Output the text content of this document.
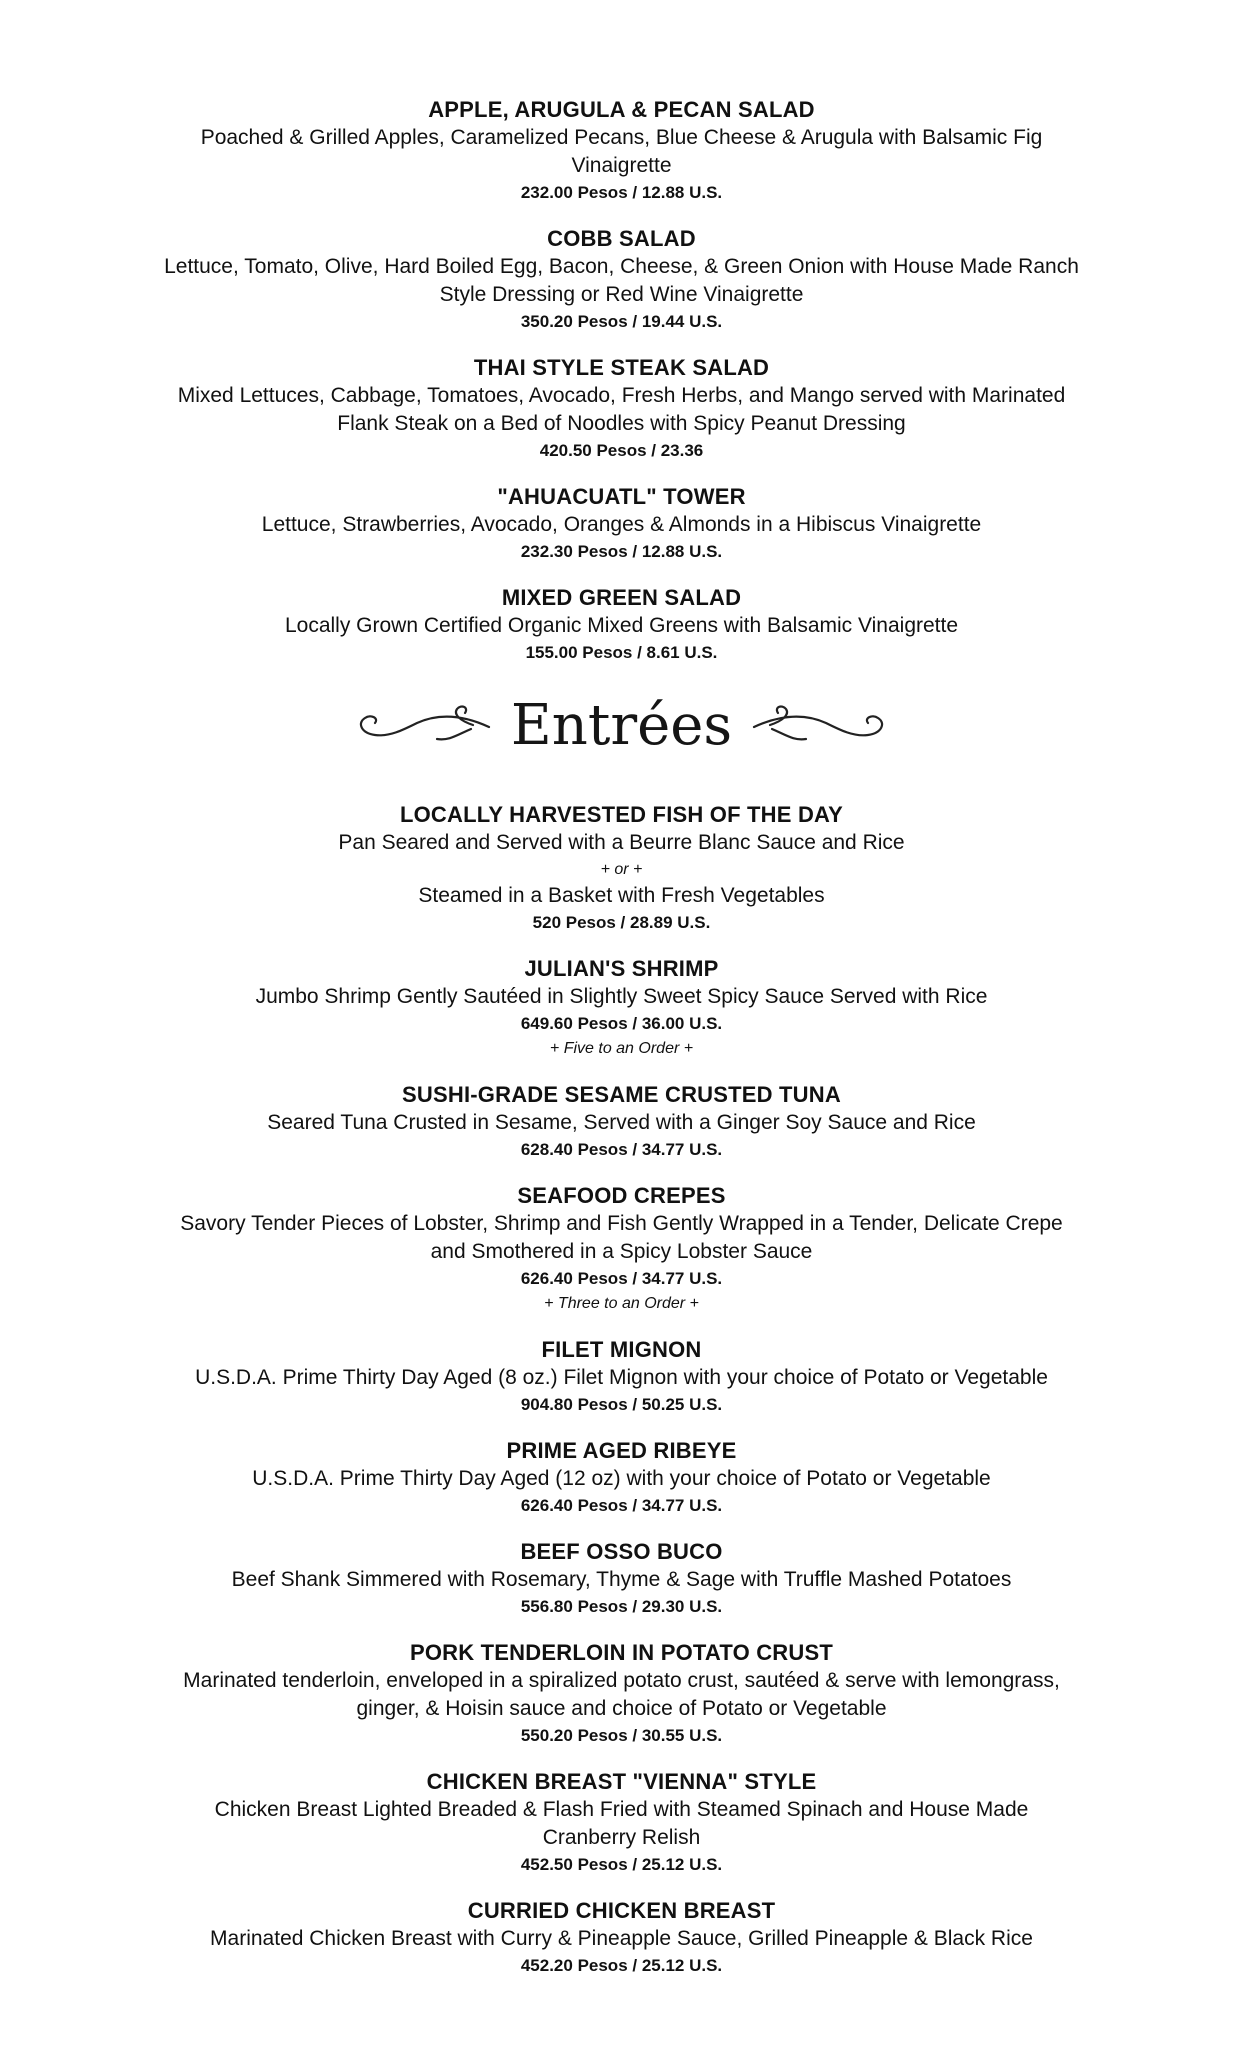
APPLE, ARUGULA & PECAN SALAD
Poached & Grilled Apples, Caramelized Pecans, Blue Cheese & Arugula with Balsamic Fig
Vinaigrette
232.00 Pesos / 12.88 U.S.
COBB SALAD
Lettuce, Tomato, Olive, Hard Boiled Egg, Bacon, Cheese, & Green Onion with House Made Ranch
Style Dressing or Red Wine Vinaigrette
350.20 Pesos / 19.44 U.S.
THAI STYLE STEAK SALAD
Mixed Lettuces, Cabbage, Tomatoes, Avocado, Fresh Herbs, and Mango served with Marinated
Flank Steak on a Bed of Noodles with Spicy Peanut Dressing
420.50 Pesos / 23.36
"AHUACUATL" TOWER
Lettuce, Strawberries, Avocado, Oranges & Almonds in a Hibiscus Vinaigrette
232.30 Pesos / 12.88 U.S.
MIXED GREEN SALAD
Locally Grown Certified Organic Mixed Greens with Balsamic Vinaigrette
155.00 Pesos / 8.61 U.S.
Entrées
LOCALLY HARVESTED FISH OF THE DAY
Pan Seared and Served with a Beurre Blanc Sauce and Rice
+ or +
Steamed in a Basket with Fresh Vegetables
520 Pesos / 28.89 U.S.
JULIAN'S SHRIMP
Jumbo Shrimp Gently Sautéed in Slightly Sweet Spicy Sauce Served with Rice
649.60 Pesos / 36.00 U.S.
+ Five to an Order +
SUSHI-GRADE SESAME CRUSTED TUNA
Seared Tuna Crusted in Sesame, Served with a Ginger Soy Sauce and Rice
628.40 Pesos / 34.77 U.S.
SEAFOOD CREPES
Savory Tender Pieces of Lobster, Shrimp and Fish Gently Wrapped in a Tender, Delicate Crepe
and Smothered in a Spicy Lobster Sauce
626.40 Pesos / 34.77 U.S.
+ Three to an Order +
FILET MIGNON
U.S.D.A. Prime Thirty Day Aged (8 oz.) Filet Mignon with your choice of Potato or Vegetable
904.80 Pesos / 50.25 U.S.
PRIME AGED RIBEYE
U.S.D.A. Prime Thirty Day Aged (12 oz) with your choice of Potato or Vegetable
626.40 Pesos / 34.77 U.S.
BEEF OSSO BUCO
Beef Shank Simmered with Rosemary, Thyme & Sage with Truffle Mashed Potatoes
556.80 Pesos / 29.30 U.S.
PORK TENDERLOIN IN POTATO CRUST
Marinated tenderloin, enveloped in a spiralized potato crust, sautéed & serve with lemongrass,
ginger, & Hoisin sauce and choice of Potato or Vegetable
550.20 Pesos / 30.55 U.S.
CHICKEN BREAST "VIENNA" STYLE
Chicken Breast Lighted Breaded & Flash Fried with Steamed Spinach and House Made
Cranberry Relish
452.50 Pesos / 25.12 U.S.
CURRIED CHICKEN BREAST
Marinated Chicken Breast with Curry & Pineapple Sauce, Grilled Pineapple & Black Rice
452.20 Pesos / 25.12 U.S.
